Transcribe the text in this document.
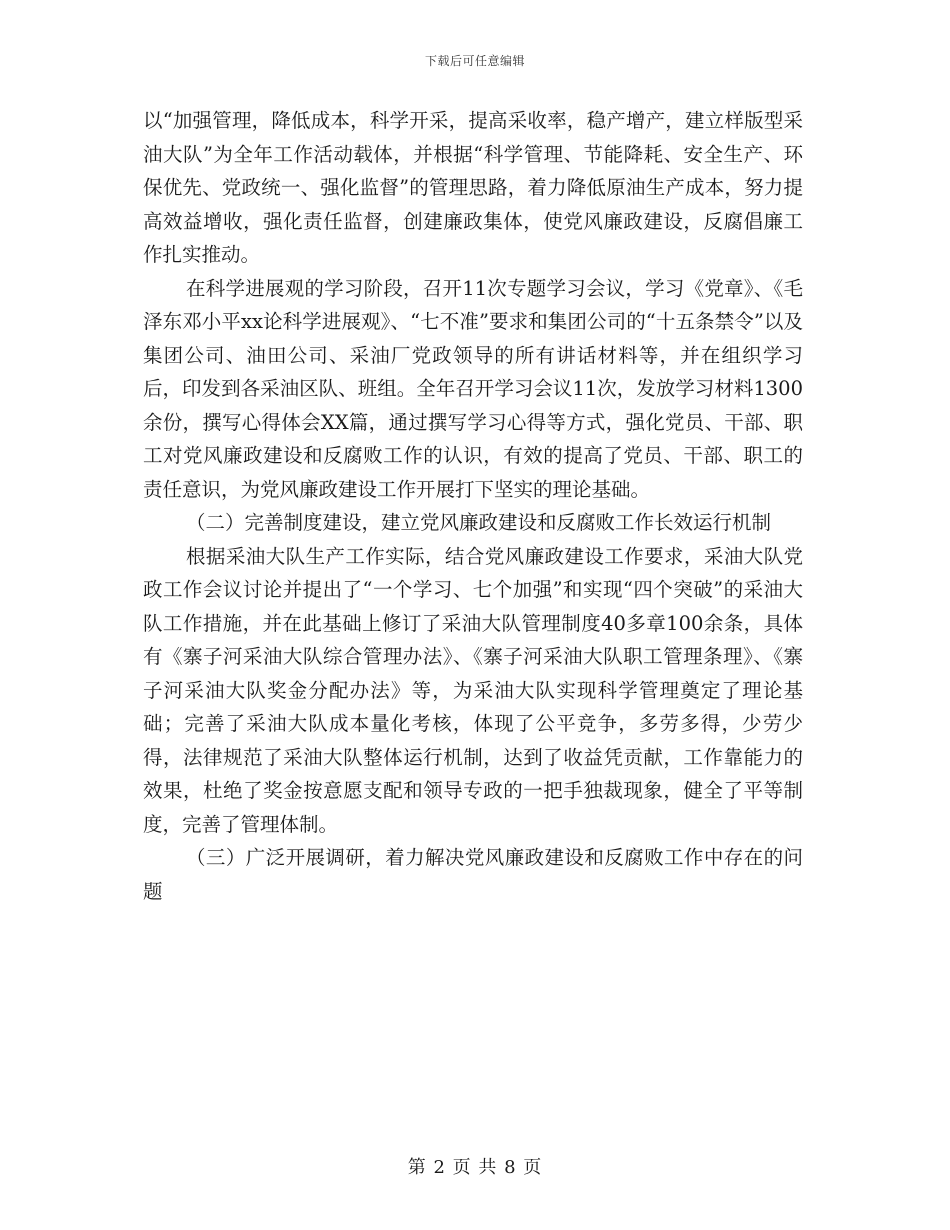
下载后可任意编辑

以“加强管理，降低成本，科学开采，提高采收率，稳产增产，建立样版型采油大队”为全年工作活动载体，并根据“科学管理、节能降耗、安全生产、环保优先、党政统一、强化监督”的管理思路，着力降低原油生产成本，努力提高效益增收，强化责任监督，创建廉政集体，使党风廉政建设，反腐倡廉工作扎实推动。

在科学进展观的学习阶段，召开11次专题学习会议，学习《党章》、《毛泽东邓小平xx论科学进展观》、“七不准”要求和集团公司的“十五条禁令”以及集团公司、油田公司、采油厂党政领导的所有讲话材料等，并在组织学习后，印发到各采油区队、班组。全年召开学习会议11次，发放学习材料1300余份，撰写心得体会XX篇，通过撰写学习心得等方式，强化党员、干部、职工对党风廉政建设和反腐败工作的认识，有效的提高了党员、干部、职工的责任意识，为党风廉政建设工作开展打下坚实的理论基础。

（二）完善制度建设，建立党风廉政建设和反腐败工作长效运行机制

根据采油大队生产工作实际，结合党风廉政建设工作要求，采油大队党政工作会议讨论并提出了“一个学习、七个加强”和实现“四个突破”的采油大队工作措施，并在此基础上修订了采油大队管理制度40多章100余条，具体有《寨子河采油大队综合管理办法》、《寨子河采油大队职工管理条理》、《寨子河采油大队奖金分配办法》等，为采油大队实现科学管理奠定了理论基础；完善了采油大队成本量化考核，体现了公平竞争，多劳多得，少劳少得，法律规范了采油大队整体运行机制，达到了收益凭贡献，工作靠能力的效果，杜绝了奖金按意愿支配和领导专政的一把手独裁现象，健全了平等制度，完善了管理体制。

（三）广泛开展调研，着力解决党风廉政建设和反腐败工作中存在的问题

第 2 页 共 8 页
